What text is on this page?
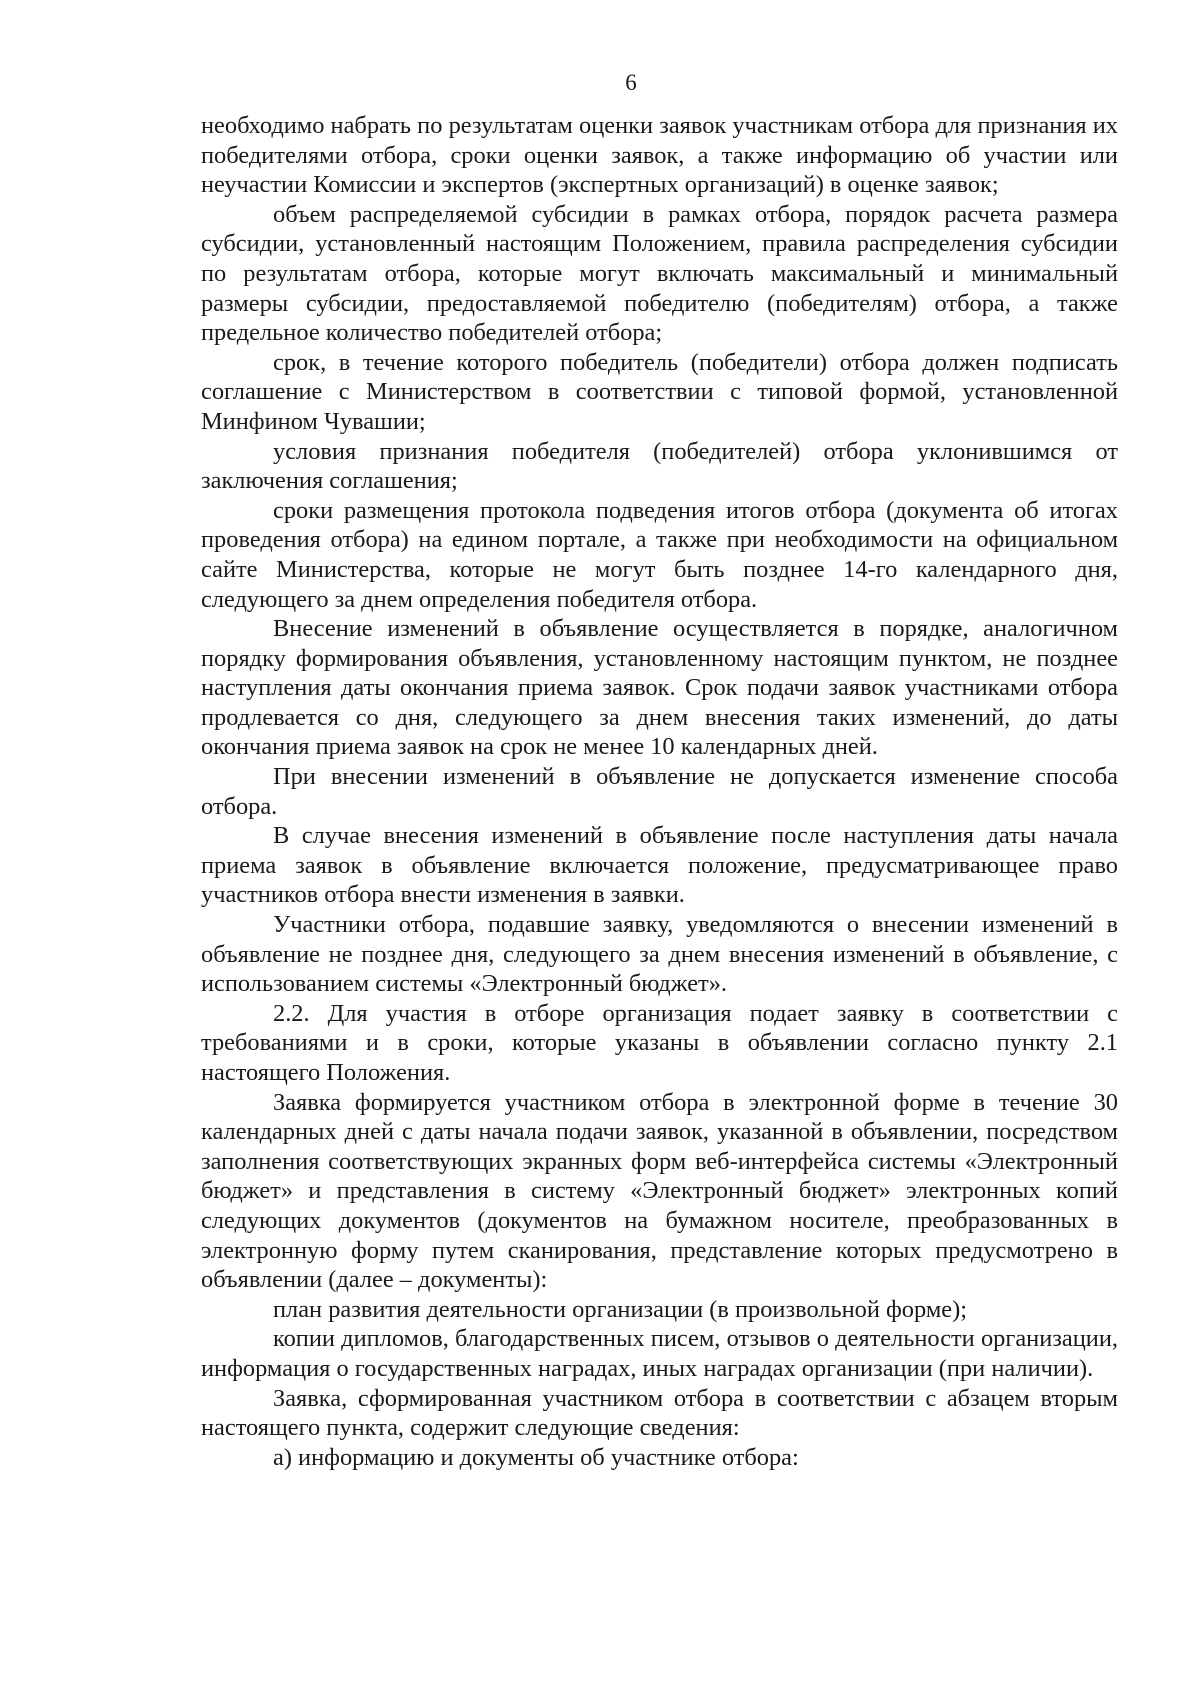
6

необходимо набрать по результатам оценки заявок участникам отбора для признания их победителями отбора, сроки оценки заявок, а также информацию об участии или неучастии Комиссии и экспертов (экспертных организаций) в оценке заявок;

объем распределяемой субсидии в рамках отбора, порядок расчета размера субсидии, установленный настоящим Положением, правила распределения субсидии по результатам отбора, которые могут включать максимальный и минимальный размеры субсидии, предоставляемой победителю (победителям) отбора, а также предельное количество победителей отбора;

срок, в течение которого победитель (победители) отбора должен подписать соглашение с Министерством в соответствии с типовой формой, установленной Минфином Чувашии;

условия признания победителя (победителей) отбора уклонившимся от заключения соглашения;

сроки размещения протокола подведения итогов отбора (документа об итогах проведения отбора) на едином портале, а также при необходимости на официальном сайте Министерства, которые не могут быть позднее 14-го календарного дня, следующего за днем определения победителя отбора.

Внесение изменений в объявление осуществляется в порядке, аналогичном порядку формирования объявления, установленному настоящим пунктом, не позднее наступления даты окончания приема заявок. Срок подачи заявок участниками отбора продлевается со дня, следующего за днем внесения таких изменений, до даты окончания приема заявок на срок не менее 10 календарных дней.

При внесении изменений в объявление не допускается изменение способа отбора.

В случае внесения изменений в объявление после наступления даты начала приема заявок в объявление включается положение, предусматривающее право участников отбора внести изменения в заявки.

Участники отбора, подавшие заявку, уведомляются о внесении изменений в объявление не позднее дня, следующего за днем внесения изменений в объявление, с использованием системы «Электронный бюджет».

2.2. Для участия в отборе организация подает заявку в соответствии с требованиями и в сроки, которые указаны в объявлении согласно пункту 2.1 настоящего Положения.

Заявка формируется участником отбора в электронной форме в течение 30 календарных дней с даты начала подачи заявок, указанной в объявлении, посредством заполнения соответствующих экранных форм веб-интерфейса системы «Электронный бюджет» и представления в систему «Электронный бюджет» электронных копий следующих документов (документов на бумажном носителе, преобразованных в электронную форму путем сканирования, представление которых предусмотрено в объявлении (далее – документы):

план развития деятельности организации (в произвольной форме);

копии дипломов, благодарственных писем, отзывов о деятельности организации, информация о государственных наградах, иных наградах организации (при наличии).

Заявка, сформированная участником отбора в соответствии с абзацем вторым настоящего пункта, содержит следующие сведения:

а) информацию и документы об участнике отбора:
